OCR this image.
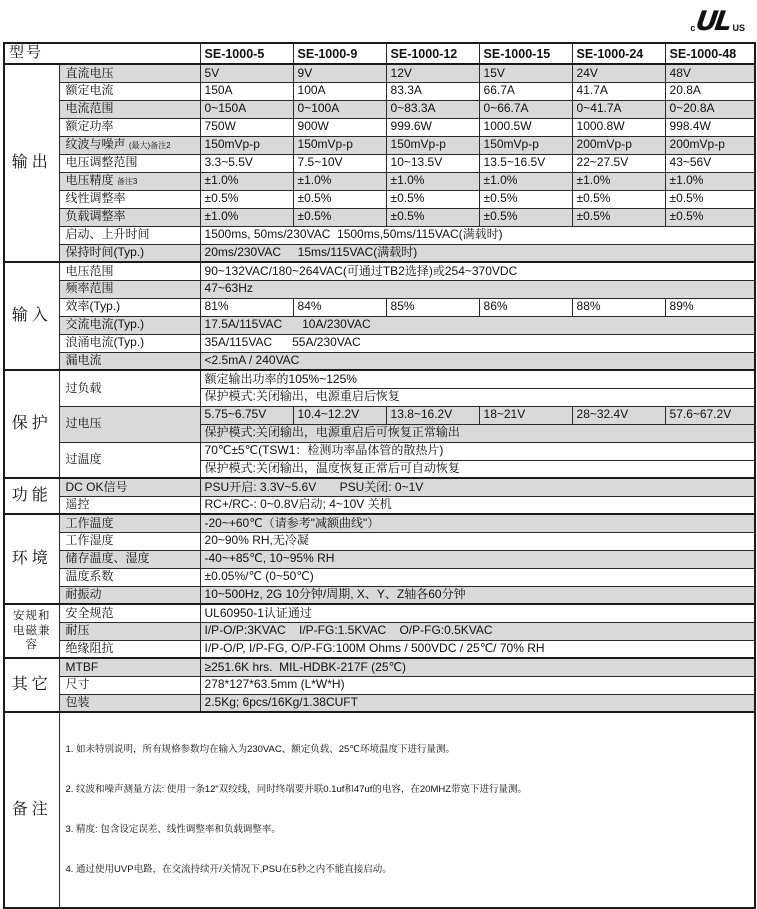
c
UL US
型号		SE-1000-5	SE-1000-9	SE-1000-12	SE-1000-15	SE-1000-24	SE-1000-48
输出	直流电压	5V	9V	12V	15V	24V	48V
	额定电流	150A	100A	83.3A	66.7A	41.7A	20.8A
	电流范围	0~150A	0~100A	0~83.3A	0~66.7A	0~41.7A	0~20.8A
	额定功率	750W	900W	999.6W	1000.5W	1000.8W	998.4W
	纹波与噪声 (最大)备注2	150mVp-p	150mVp-p	150mVp-p	150mVp-p	200mVp-p	200mVp-p
	电压调整范围	3.3~5.5V	7.5~10V	10~13.5V	13.5~16.5V	22~27.5V	43~56V
	电压精度 备注3	±1.0%	±1.0%	±1.0%	±1.0%	±1.0%	±1.0%
	线性调整率	±0.5%	±0.5%	±0.5%	±0.5%	±0.5%	±0.5%
	负载调整率	±1.0%	±0.5%	±0.5%	±0.5%	±0.5%	±0.5%
	启动、上升时间	1500ms, 50ms/230VAC  1500ms,50ms/115VAC(满载时)					
	保持时间(Typ.)	20ms/230VAC     15ms/115VAC(满载时)					
输入	电压范围	90~132VAC/180~264VAC(可通过TB2选择)或254~370VDC					
	频率范围	47~63Hz					
	效率(Typ.)	81%	84%	85%	86%	88%	89%
	交流电流(Typ.)	17.5A/115VAC      10A/230VAC					
	浪涌电流(Typ.)	35A/115VAC      55A/230VAC					
	漏电流	<2.5mA / 240VAC					
保护	过负载	额定输出功率的105%~125%					
		保护模式:关闭输出，电源重启后恢复					
	过电压	5.75~6.75V	10.4~12.2V	13.8~16.2V	18~21V	28~32.4V	57.6~67.2V
		保护模式:关闭输出，电源重启后可恢复正常输出					
	过温度	70℃±5℃(TSW1：检测功率晶体管的散热片)					
		保护模式:关闭输出，温度恢复正常后可自动恢复					
功能	DC OK信号	PSU开启: 3.3V~5.6V       PSU关闭: 0~1V					
	遥控	RC+/RC-: 0~0.8V启动; 4~10V 关机					
环境	工作温度	-20~+60℃（请参考"减额曲线"）					
	工作湿度	20~90% RH,无冷凝					
	储存温度、湿度	-40~+85℃, 10~95% RH					
	温度系数	±0.05%/℃ (0~50℃)					
	耐振动	10~500Hz, 2G 10分钟/周期, X、Y、Z轴各60分钟					

安规和
电磁兼容	安全规范	UL60950-1认证通过					
	耐压	I/P-O/P:3KVAC    I/P-FG:1.5KVAC    O/P-FG:0.5KVAC					
	绝缘阻抗	I/P-O/P, I/P-FG, O/P-FG:100M Ohms / 500VDC / 25℃/ 70% RH					
其它	MTBF	≥251.6K hrs.  MIL-HDBK-217F (25℃)					
	尺寸	278*127*63.5mm (L*W*H)					
	包装	2.5Kg; 6pcs/16Kg/1.38CUFT					
备注	1. 如未特别说明，所有规格参数均在输入为230VAC、额定负载、25℃环境温度下进行量测。

2. 纹波和噪声测量方法: 使用一条12"双绞线，同时终端要并联0.1uf和47uf的电容，在20MHZ带宽下进行量测。

3. 精度: 包含设定误差、线性调整率和负载调整率。

4. 通过使用UVP电路，在交流持续开/关情况下,PSU在5秒之内不能直接启动。						
